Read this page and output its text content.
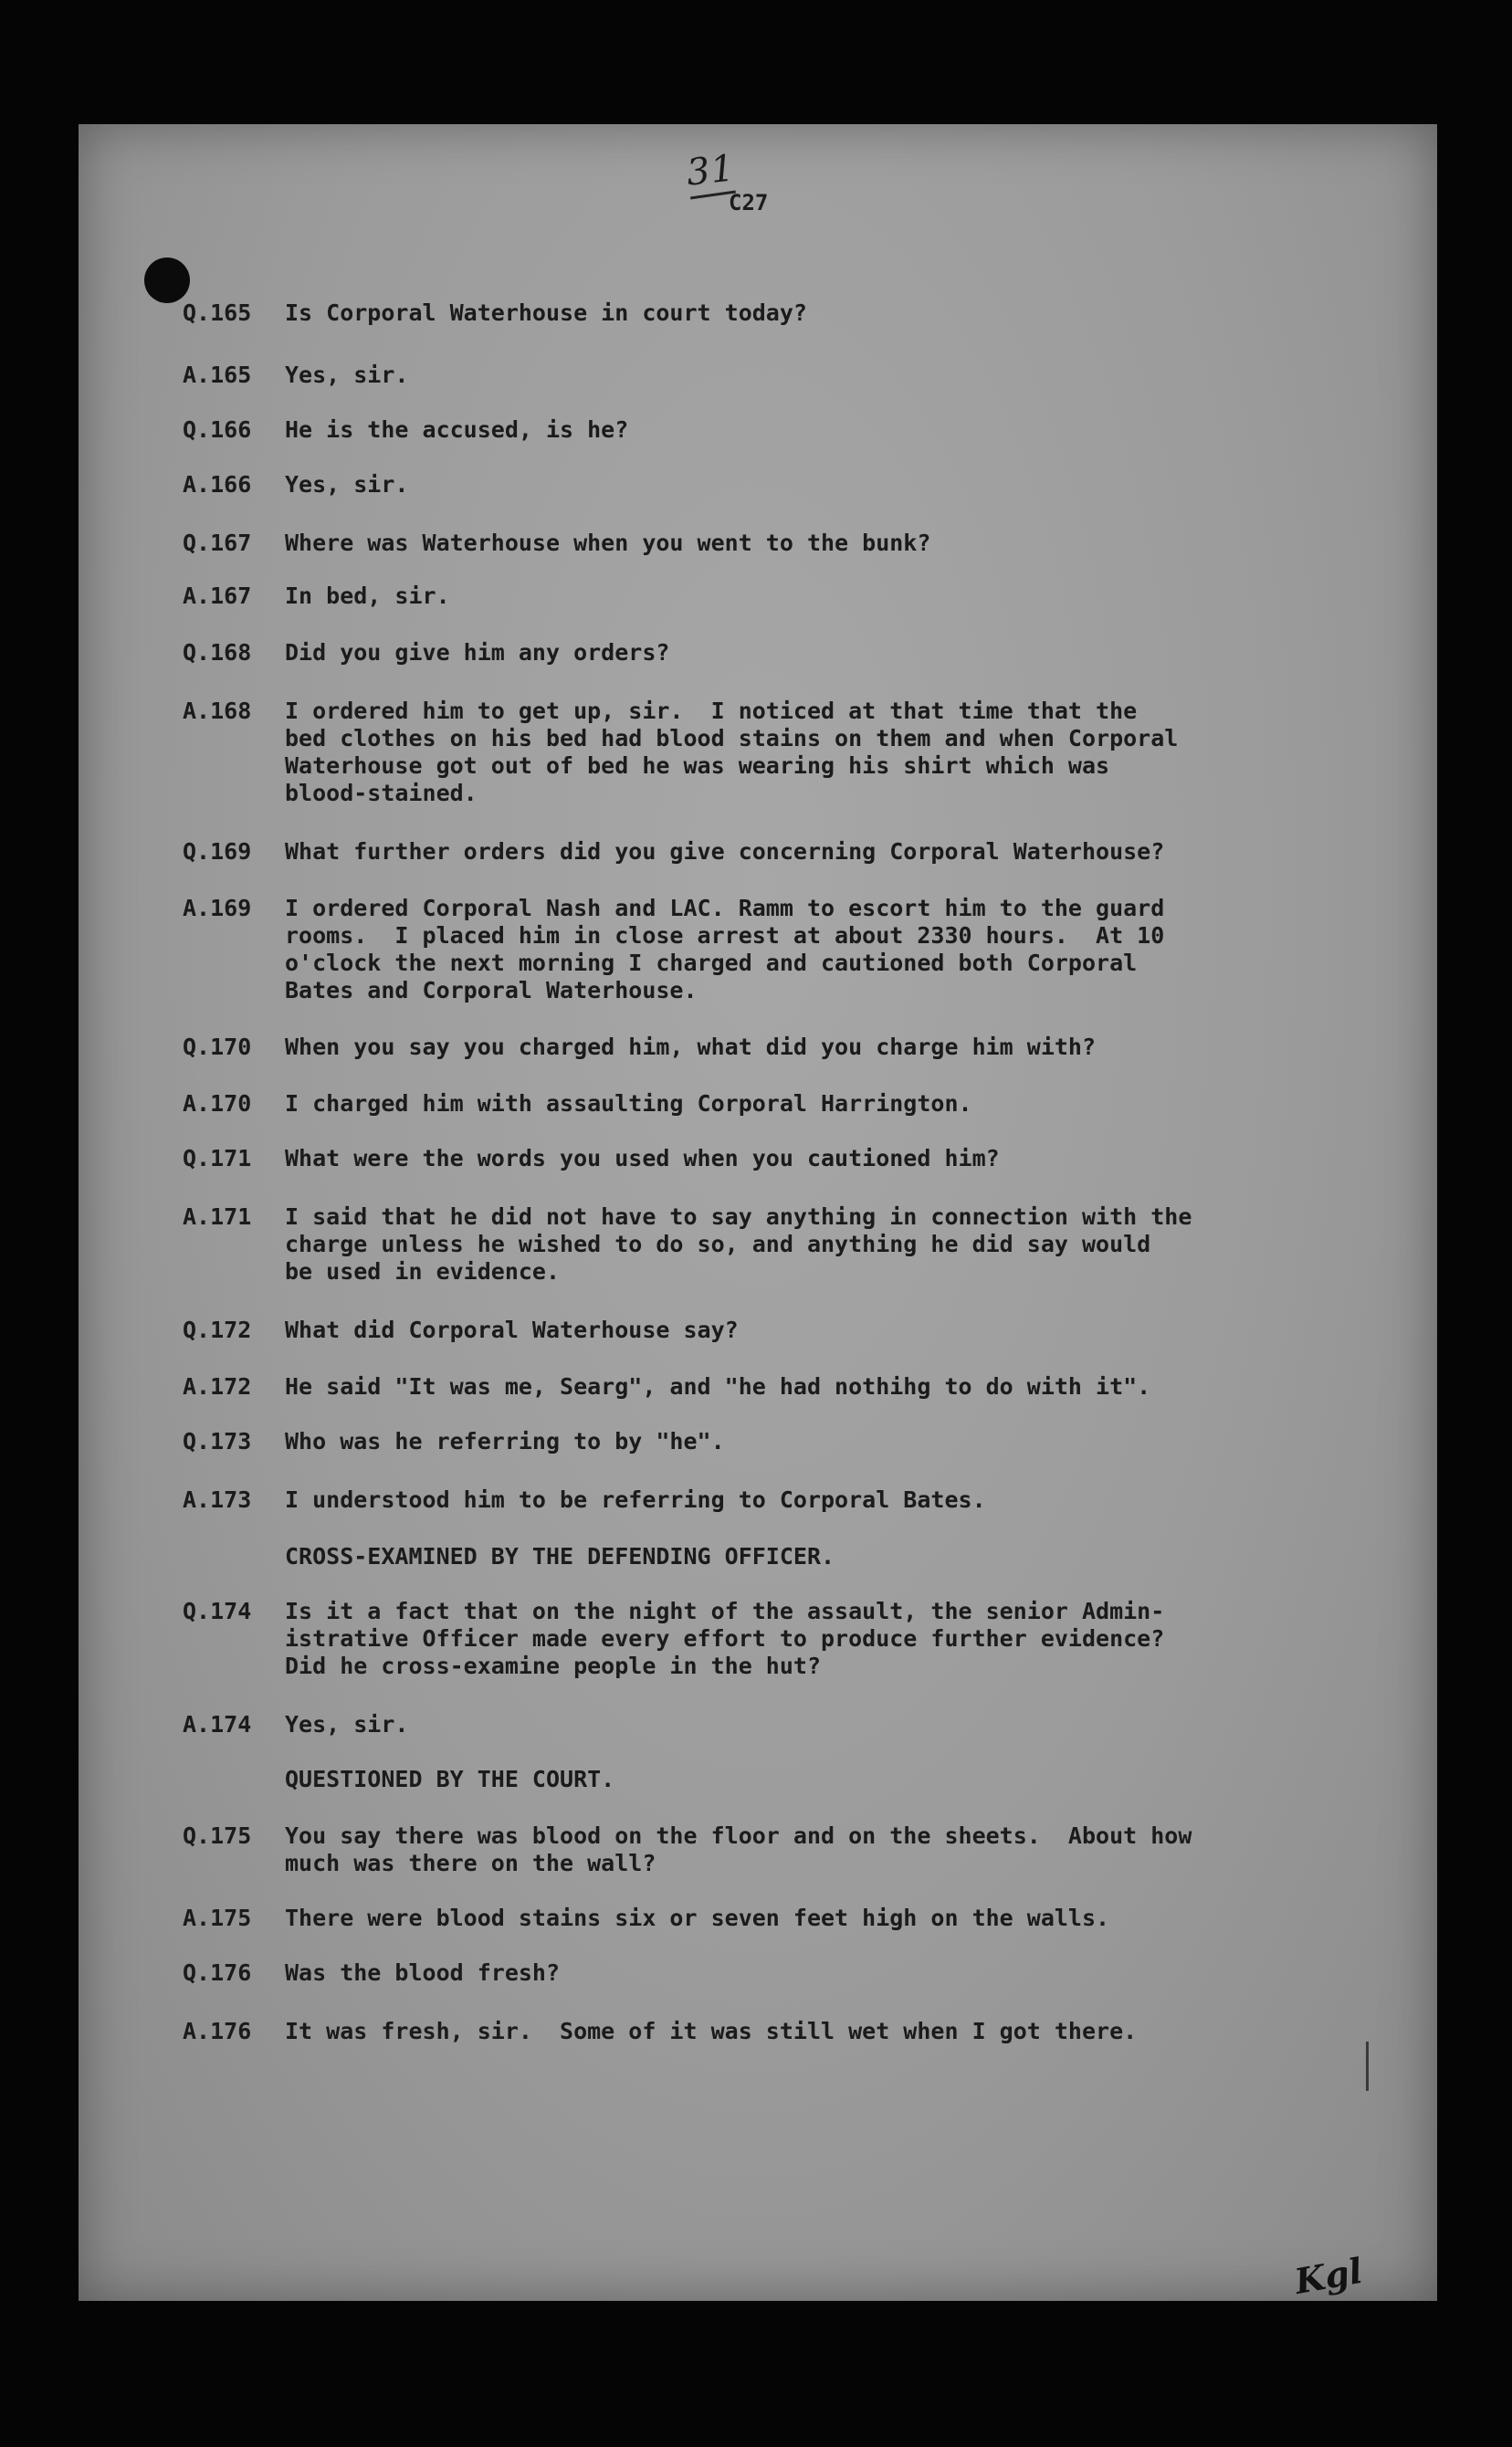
31
C27
Kgl
Q.165	Is Corporal Waterhouse in court today?
A.165	Yes, sir.
Q.166	He is the accused, is he?
A.166	Yes, sir.
Q.167	Where was Waterhouse when you went to the bunk?
A.167	In bed, sir.
Q.168	Did you give him any orders?
A.168	I ordered him to get up, sir.  I noticed at that time that the
bed clothes on his bed had blood stains on them and when Corporal
Waterhouse got out of bed he was wearing his shirt which was
blood-stained.
Q.169	What further orders did you give concerning Corporal Waterhouse?
A.169	I ordered Corporal Nash and LAC. Ramm to escort him to the guard
rooms.  I placed him in close arrest at about 2330 hours.  At 10
o'clock the next morning I charged and cautioned both Corporal
Bates and Corporal Waterhouse.
Q.170	When you say you charged him, what did you charge him with?
A.170	I charged him with assaulting Corporal Harrington.
Q.171	What were the words you used when you cautioned him?
A.171	I said that he did not have to say anything in connection with the
charge unless he wished to do so, and anything he did say would
be used in evidence.
Q.172	What did Corporal Waterhouse say?
A.172	He said "It was me, Searg", and "he had nothihg to do with it".
Q.173	Who was he referring to by "he".
A.173	I understood him to be referring to Corporal Bates.
CROSS-EXAMINED BY THE DEFENDING OFFICER.
Q.174	Is it a fact that on the night of the assault, the senior Admin-
istrative Officer made every effort to produce further evidence?
Did he cross-examine people in the hut?
A.174	Yes, sir.
QUESTIONED BY THE COURT.
Q.175	You say there was blood on the floor and on the sheets.  About how
much was there on the wall?
A.175	There were blood stains six or seven feet high on the walls.
Q.176	Was the blood fresh?
A.176	It was fresh, sir.  Some of it was still wet when I got there.
